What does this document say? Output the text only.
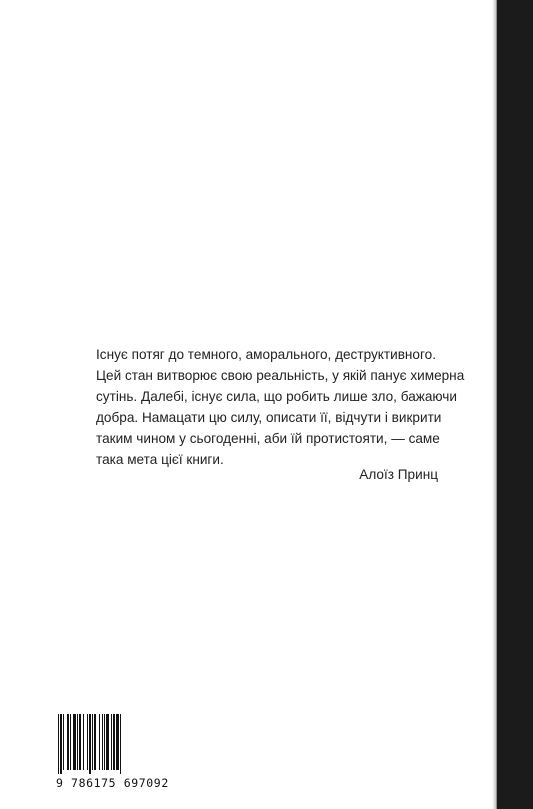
Існує потяг до темного, аморального, деструктивного.
Цей стан витворює свою реальність, у якій панує химерна
сутінь. Далебі, існує сила, що робить лише зло, бажаючи
добра. Намацати цю силу, описати її, відчути і викрити
таким чином у сьогоденні, аби їй протистояти, — саме
така мета цієї книги.

Алоїз Принц
9 786175 697092
